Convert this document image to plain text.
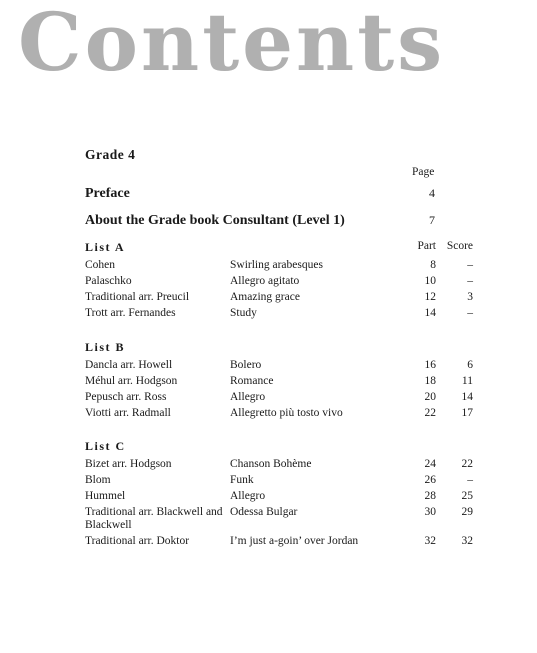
Contents
Grade 4
Page
Preface	4
About the Grade book Consultant (Level 1)	7
List A	Part Score
Cohen	Swirling arabesques	8	–
Palaschko	Allegro agitato	10	–
Traditional arr. Preucil	Amazing grace	12	3
Trott arr. Fernandes	Study	14	–
List B
Dancla arr. Howell	Bolero	16	6
Méhul arr. Hodgson	Romance	18	11
Pepusch arr. Ross	Allegro	20	14
Viotti arr. Radmall	Allegretto più tosto vivo	22	17
List C
Bizet arr. Hodgson	Chanson Bohème	24	22
Blom	Funk	26	–
Hummel	Allegro	28	25
Traditional arr. Blackwell and Blackwell
Odessa Bulgar	30	29
Traditional arr. Doktor	I’m just a-goin’ over Jordan	32	32
